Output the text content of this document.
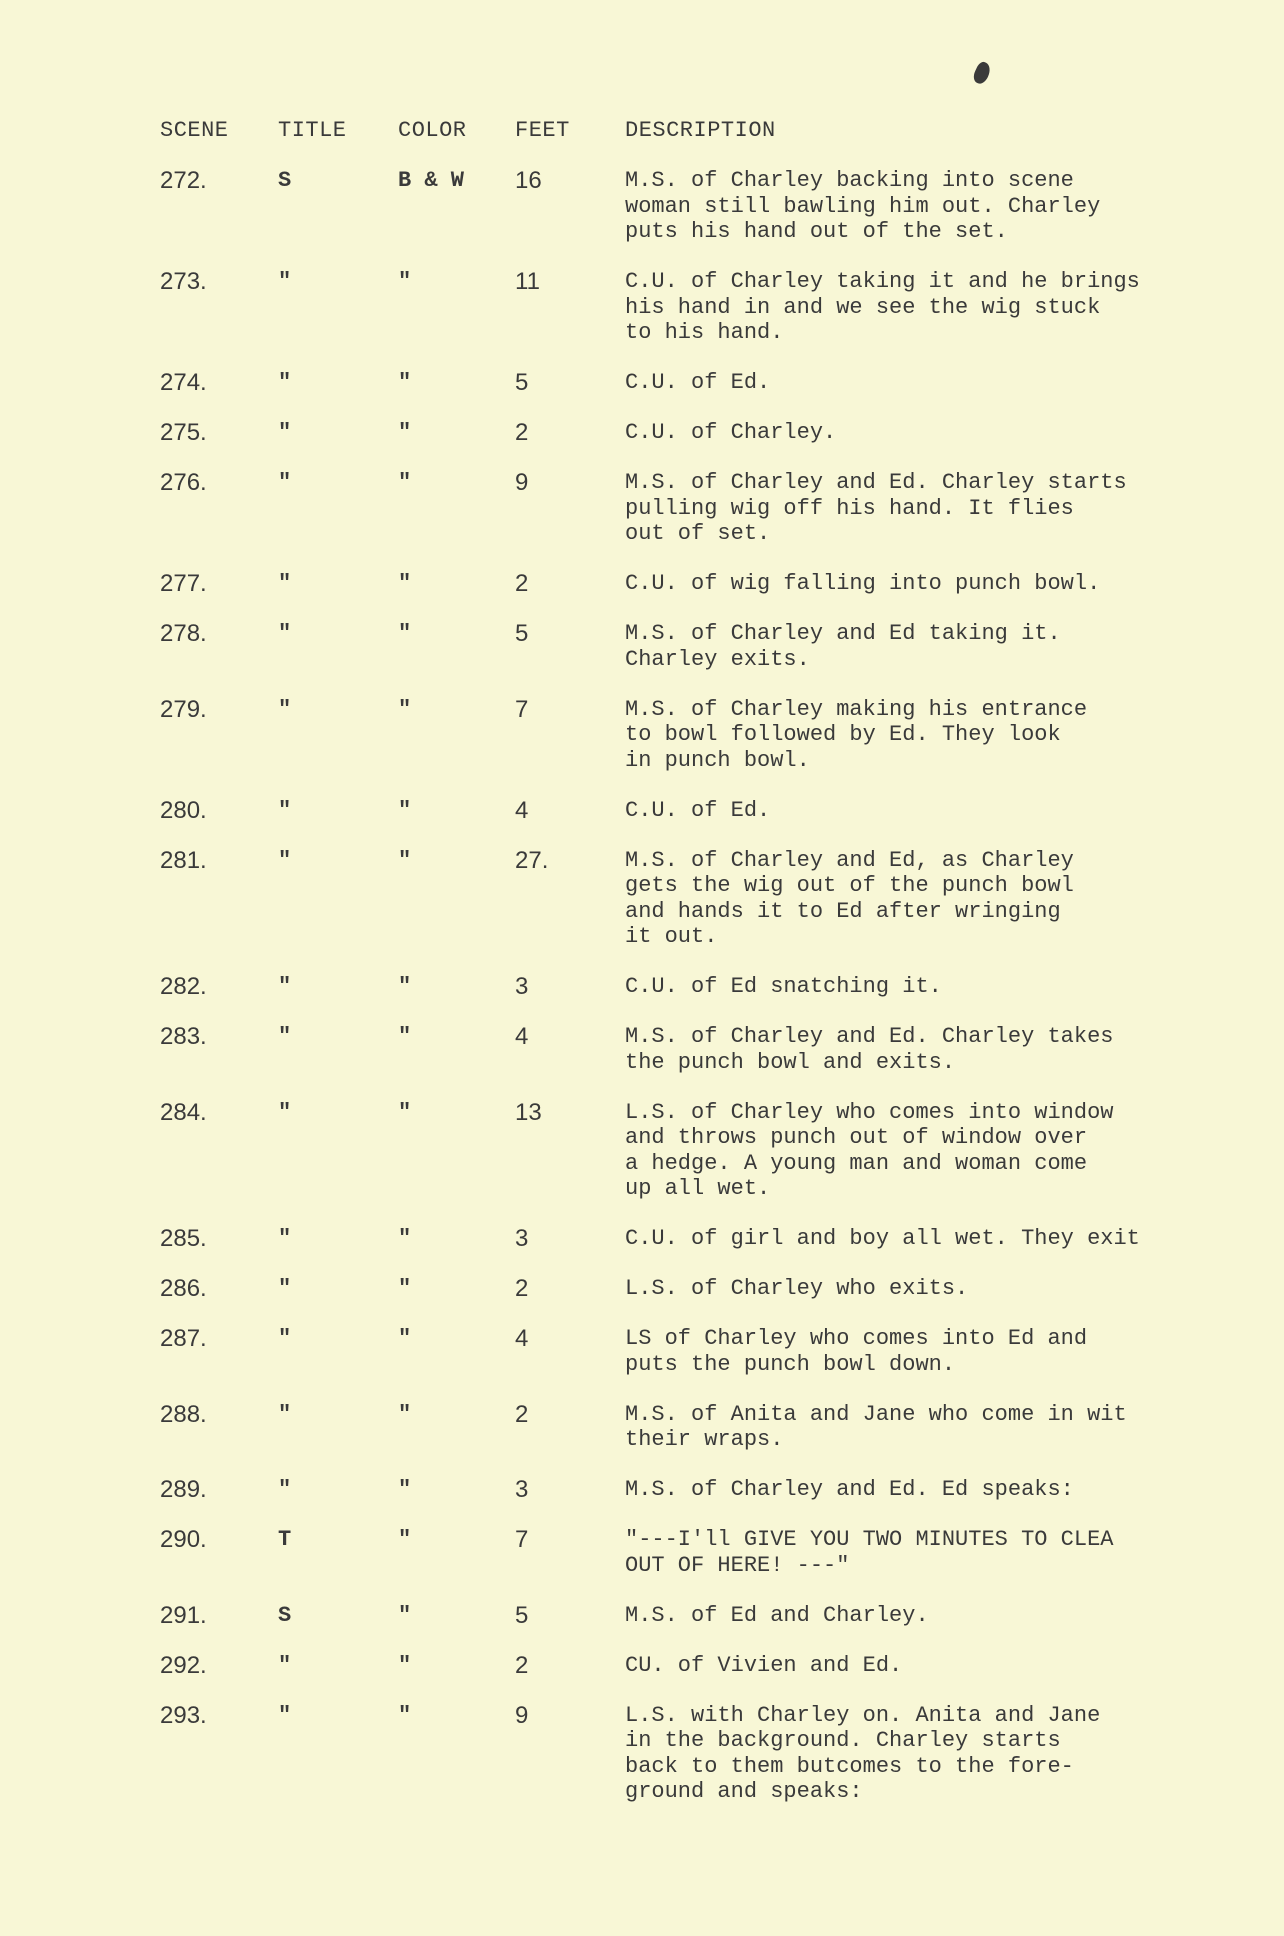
SCENE TITLE COLOR FEET	DESCRIPTION
272.	S	B & W 16	M.S. of Charley backing into scene
woman still bawling him out. Charley
puts his hand out of the set.
273.	"	"	11	C.U. of Charley taking it and he brings
his hand in and we see the wig stuck
to his hand.
274.	"	"	5	C.U. of Ed.
275.	"	"	2	C.U. of Charley.
276.	"	"	9	M.S. of Charley and Ed. Charley starts
pulling wig off his hand. It flies
out of set.
277.	"	"	2	C.U. of wig falling into punch bowl.
278.	"	"	5	M.S. of Charley and Ed taking it.
Charley exits.
279.	"	"	7	M.S. of Charley making his entrance
to bowl followed by Ed. They look
in punch bowl.
280.	"	"	4	C.U. of Ed.
281.	"	"	27.	M.S. of Charley and Ed, as Charley
gets the wig out of the punch bowl
and hands it to Ed after wringing
it out.
282.	"	"	3	C.U. of Ed snatching it.
283.	"	"	4	M.S. of Charley and Ed. Charley takes
the punch bowl and exits.
284.	"	"	13	L.S. of Charley who comes into window
and throws punch out of window over
a hedge. A young man and woman come
up all wet.
285.	"	"	3	C.U. of girl and boy all wet. They exit
286.	"	"	2	L.S. of Charley who exits.
287.	"	"	4	LS of Charley who comes into Ed and
puts the punch bowl down.
288.	"	"	2	M.S. of Anita and Jane who come in wit
their wraps.
289.	"	"	3	M.S. of Charley and Ed. Ed speaks:
290.	T	"	7	"---I'll GIVE YOU TWO MINUTES TO CLEA
OUT OF HERE! ---"
291.	S	"	5	M.S. of Ed and Charley.
292.	"	"	2	CU. of Vivien and Ed.
293.	"	"	9	L.S. with Charley on. Anita and Jane
in the background. Charley starts
back to them butcomes to the fore-
ground and speaks:
